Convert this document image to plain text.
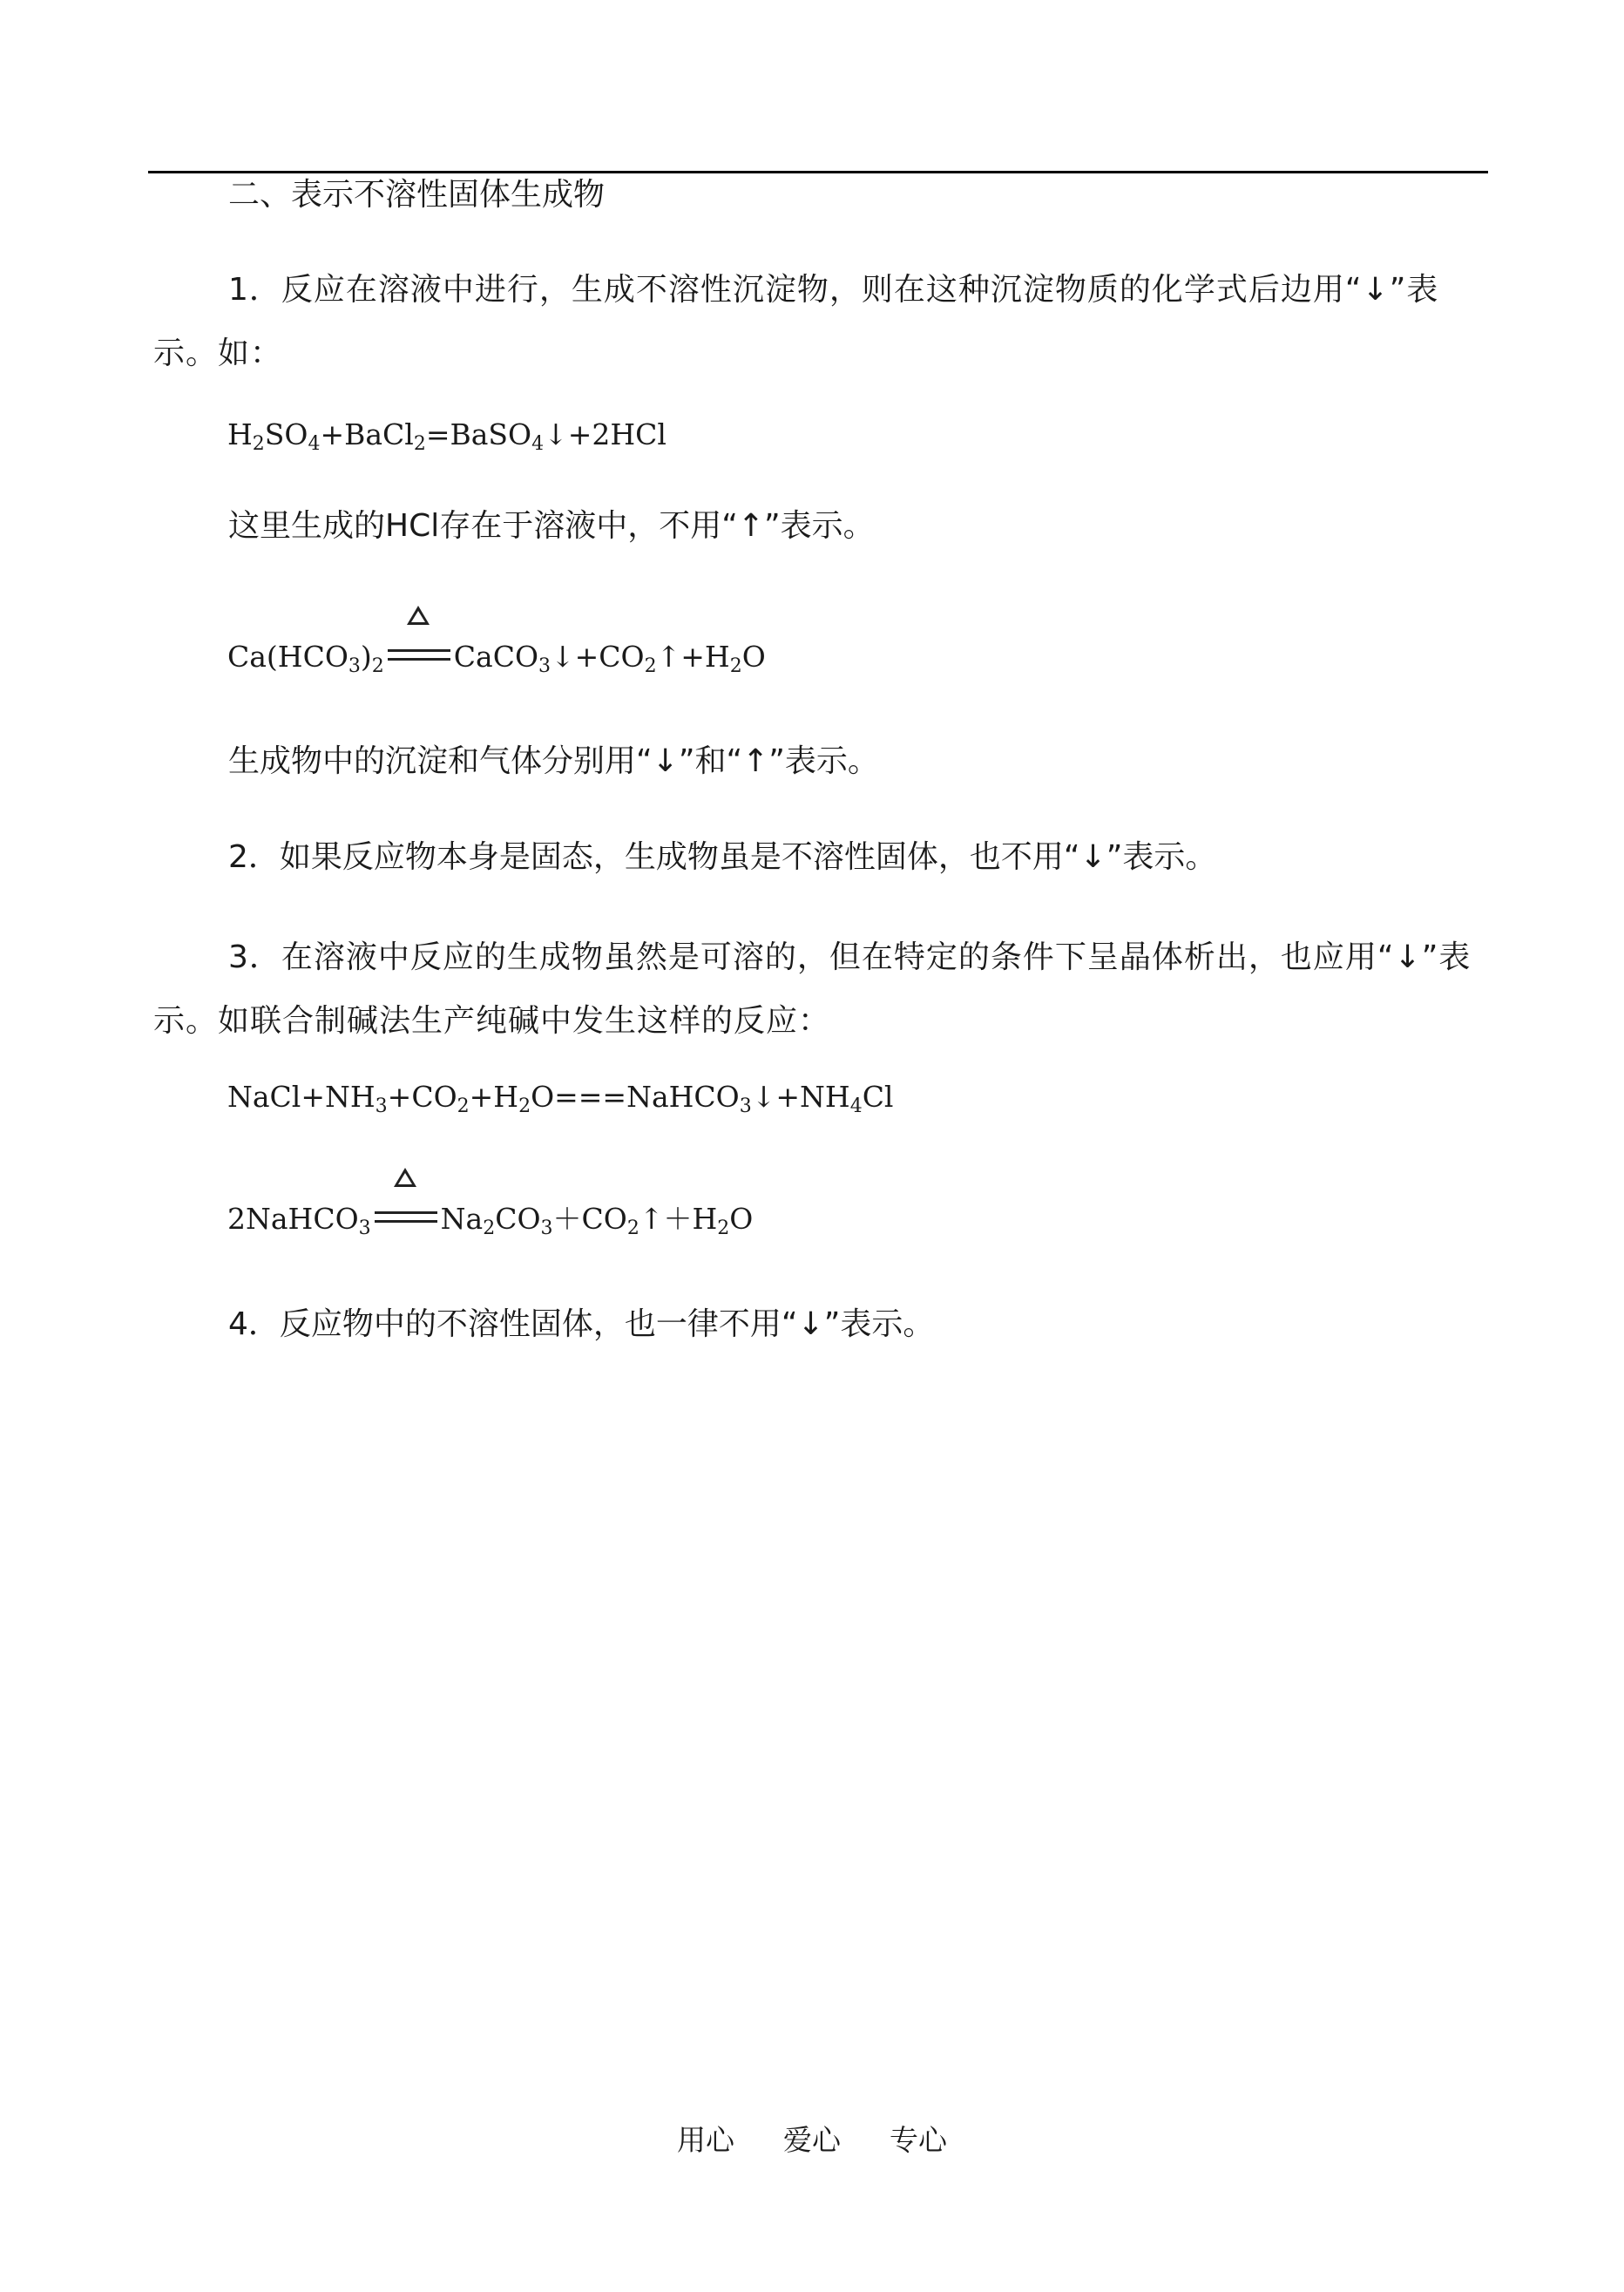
二、表示不溶性固体生成物
1．反应在溶液中进行，生成不溶性沉淀物，则在这种沉淀物质的化学式后边用“↓”表示。如：
$H_2SO_4+BaCl_2=BaSO_4↓+2HCl$
这里生成的HCl存在于溶液中，不用“↑”表示。
$Ca(HCO_3)_2$ $CaCO_3↓+CO_2↑+H_2O$
生成物中的沉淀和气体分别用“↓”和“↑”表示。
2．如果反应物本身是固态，生成物虽是不溶性固体，也不用“↓”表示。
3．在溶液中反应的生成物虽然是可溶的，但在特定的条件下呈晶体析出，也应用“↓”表示。如联合制碱法生产纯碱中发生这样的反应：
$NaCl+NH_3+CO_2+H_2O===NaHCO_3↓+NH_4Cl$
2NaHCO$_3$ $Na_2CO_3+CO_2↑+H_2O$
4．反应物中的不溶性固体，也一律不用“↓”表示。
用心 爱心 专心
